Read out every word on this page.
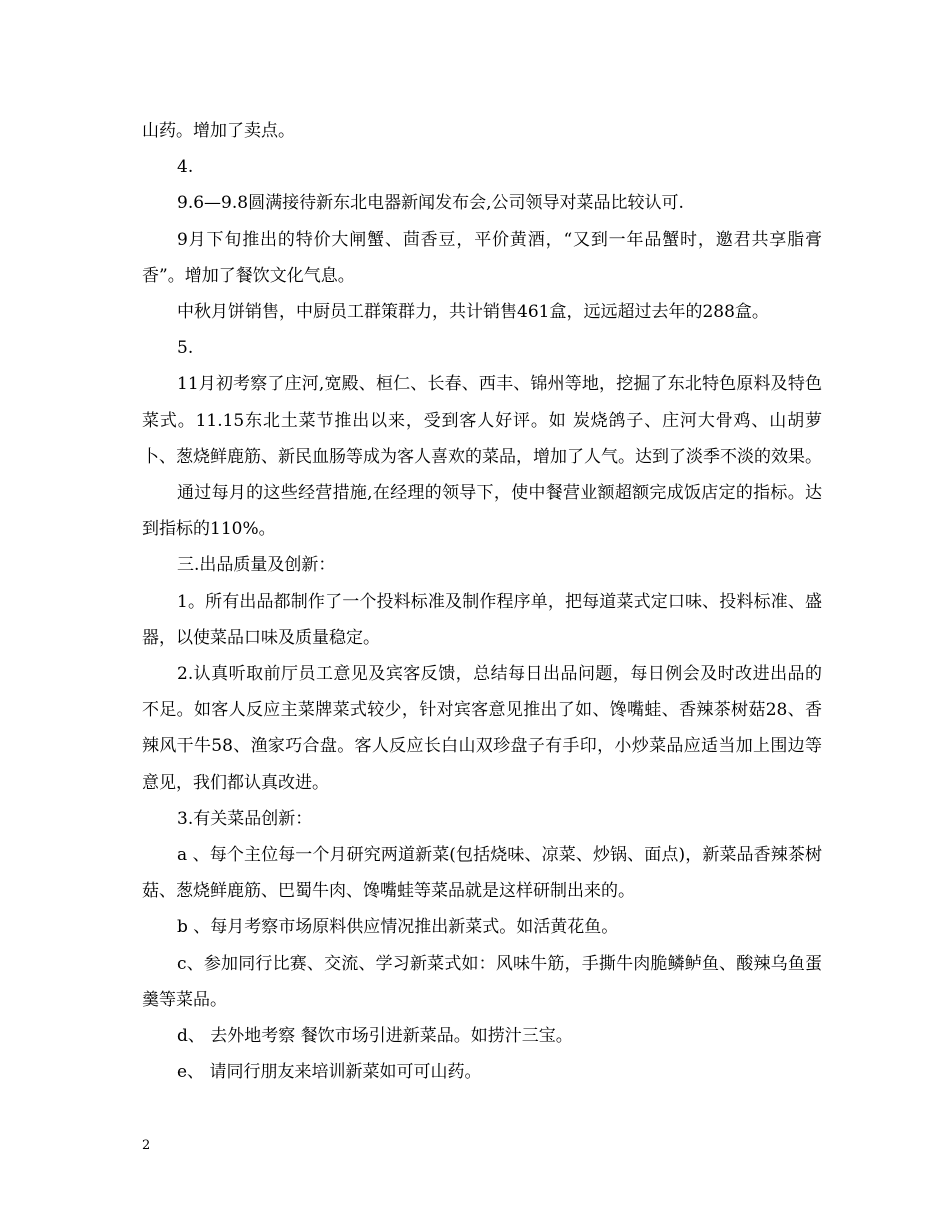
山药。增加了卖点。

4.

9.6—9.8圆满接待新东北电器新闻发布会,公司领导对菜品比较认可.

9月下旬推出的特价大闸蟹、茴香豆，平价黄酒，“又到一年品蟹时，邀君共享脂膏香”。增加了餐饮文化气息。

中秋月饼销售，中厨员工群策群力，共计销售461盒，远远超过去年的288盒。

5.

11月初考察了庄河,宽殿、桓仁、长春、西丰、锦州等地，挖掘了东北特色原料及特色菜式。11.15东北土菜节推出以来，受到客人好评。如 炭烧鸽子、庄河大骨鸡、山胡萝卜、葱烧鲜鹿筋、新民血肠等成为客人喜欢的菜品，增加了人气。达到了淡季不淡的效果。

通过每月的这些经营措施,在经理的领导下，使中餐营业额超额完成饭店定的指标。达到指标的110%。

三.出品质量及创新：

1。所有出品都制作了一个投料标准及制作程序单，把每道菜式定口味、投料标准、盛器，以使菜品口味及质量稳定。

2.认真听取前厅员工意见及宾客反馈，总结每日出品问题，每日例会及时改进出品的不足。如客人反应主菜牌菜式较少，针对宾客意见推出了如、馋嘴蛙、香辣茶树菇28、香辣风干牛58、渔家巧合盘。客人反应长白山双珍盘子有手印，小炒菜品应适当加上围边等意见，我们都认真改进。

3.有关菜品创新：

a 、每个主位每一个月研究两道新菜(包括烧味、凉菜、炒锅、面点)，新菜品香辣茶树菇、葱烧鲜鹿筋、巴蜀牛肉、馋嘴蛙等菜品就是这样研制出来的。

b 、每月考察市场原料供应情况推出新菜式。如活黄花鱼。

c、参加同行比赛、交流、学习新菜式如：风味牛筋，手撕牛肉脆鳞鲈鱼、酸辣乌鱼蛋羹等菜品。

d、 去外地考察 餐饮市场引进新菜品。如捞汁三宝。

e、 请同行朋友来培训新菜如可可山药。

2
